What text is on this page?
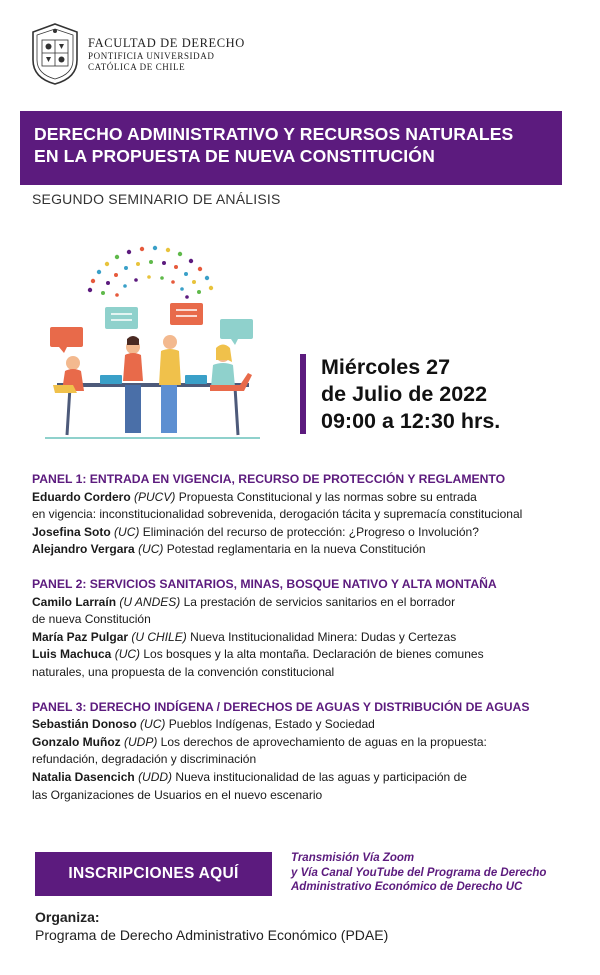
FACULTAD DE DERECHO
PONTIFICIA UNIVERSIDAD
CATÓLICA DE CHILE
DERECHO ADMINISTRATIVO Y RECURSOS NATURALES
EN LA PROPUESTA DE NUEVA CONSTITUCIÓN
SEGUNDO SEMINARIO DE ANÁLISIS
Miércoles 27
de Julio de 2022
09:00 a 12:30 hrs.
PANEL 1: ENTRADA EN VIGENCIA, RECURSO DE PROTECCIÓN Y REGLAMENTO
Eduardo Cordero (PUCV) Propuesta Constitucional y las normas sobre su entrada
en vigencia: inconstitucionalidad sobrevenida, derogación tácita y supremacía constitucional
Josefina Soto (UC) Eliminación del recurso de protección: ¿Progreso o Involución?
Alejandro Vergara (UC) Potestad reglamentaria en la nueva Constitución
PANEL 2: SERVICIOS SANITARIOS, MINAS, BOSQUE NATIVO Y ALTA MONTAÑA
Camilo Larraín (U ANDES) La prestación de servicios sanitarios en el borrador
de nueva Constitución
María Paz Pulgar (U CHILE) Nueva Institucionalidad Minera: Dudas y Certezas
Luis Machuca (UC) Los bosques y la alta montaña. Declaración de bienes comunes
naturales, una propuesta de la convención constitucional
PANEL 3: DERECHO INDÍGENA / DERECHOS DE AGUAS Y DISTRIBUCIÓN DE AGUAS
Sebastián Donoso (UC) Pueblos Indígenas, Estado y Sociedad
Gonzalo Muñoz (UDP) Los derechos de aprovechamiento de aguas en la propuesta:
refundación, degradación y discriminación
Natalia Dasencich (UDD) Nueva institucionalidad de las aguas y participación de
las Organizaciones de Usuarios en el nuevo escenario
INSCRIPCIONES AQUÍ
Transmisión Vía Zoom
y Vía Canal YouTube del Programa de Derecho
Administrativo Económico de Derecho UC
Organiza:
Programa de Derecho Administrativo Económico (PDAE)
